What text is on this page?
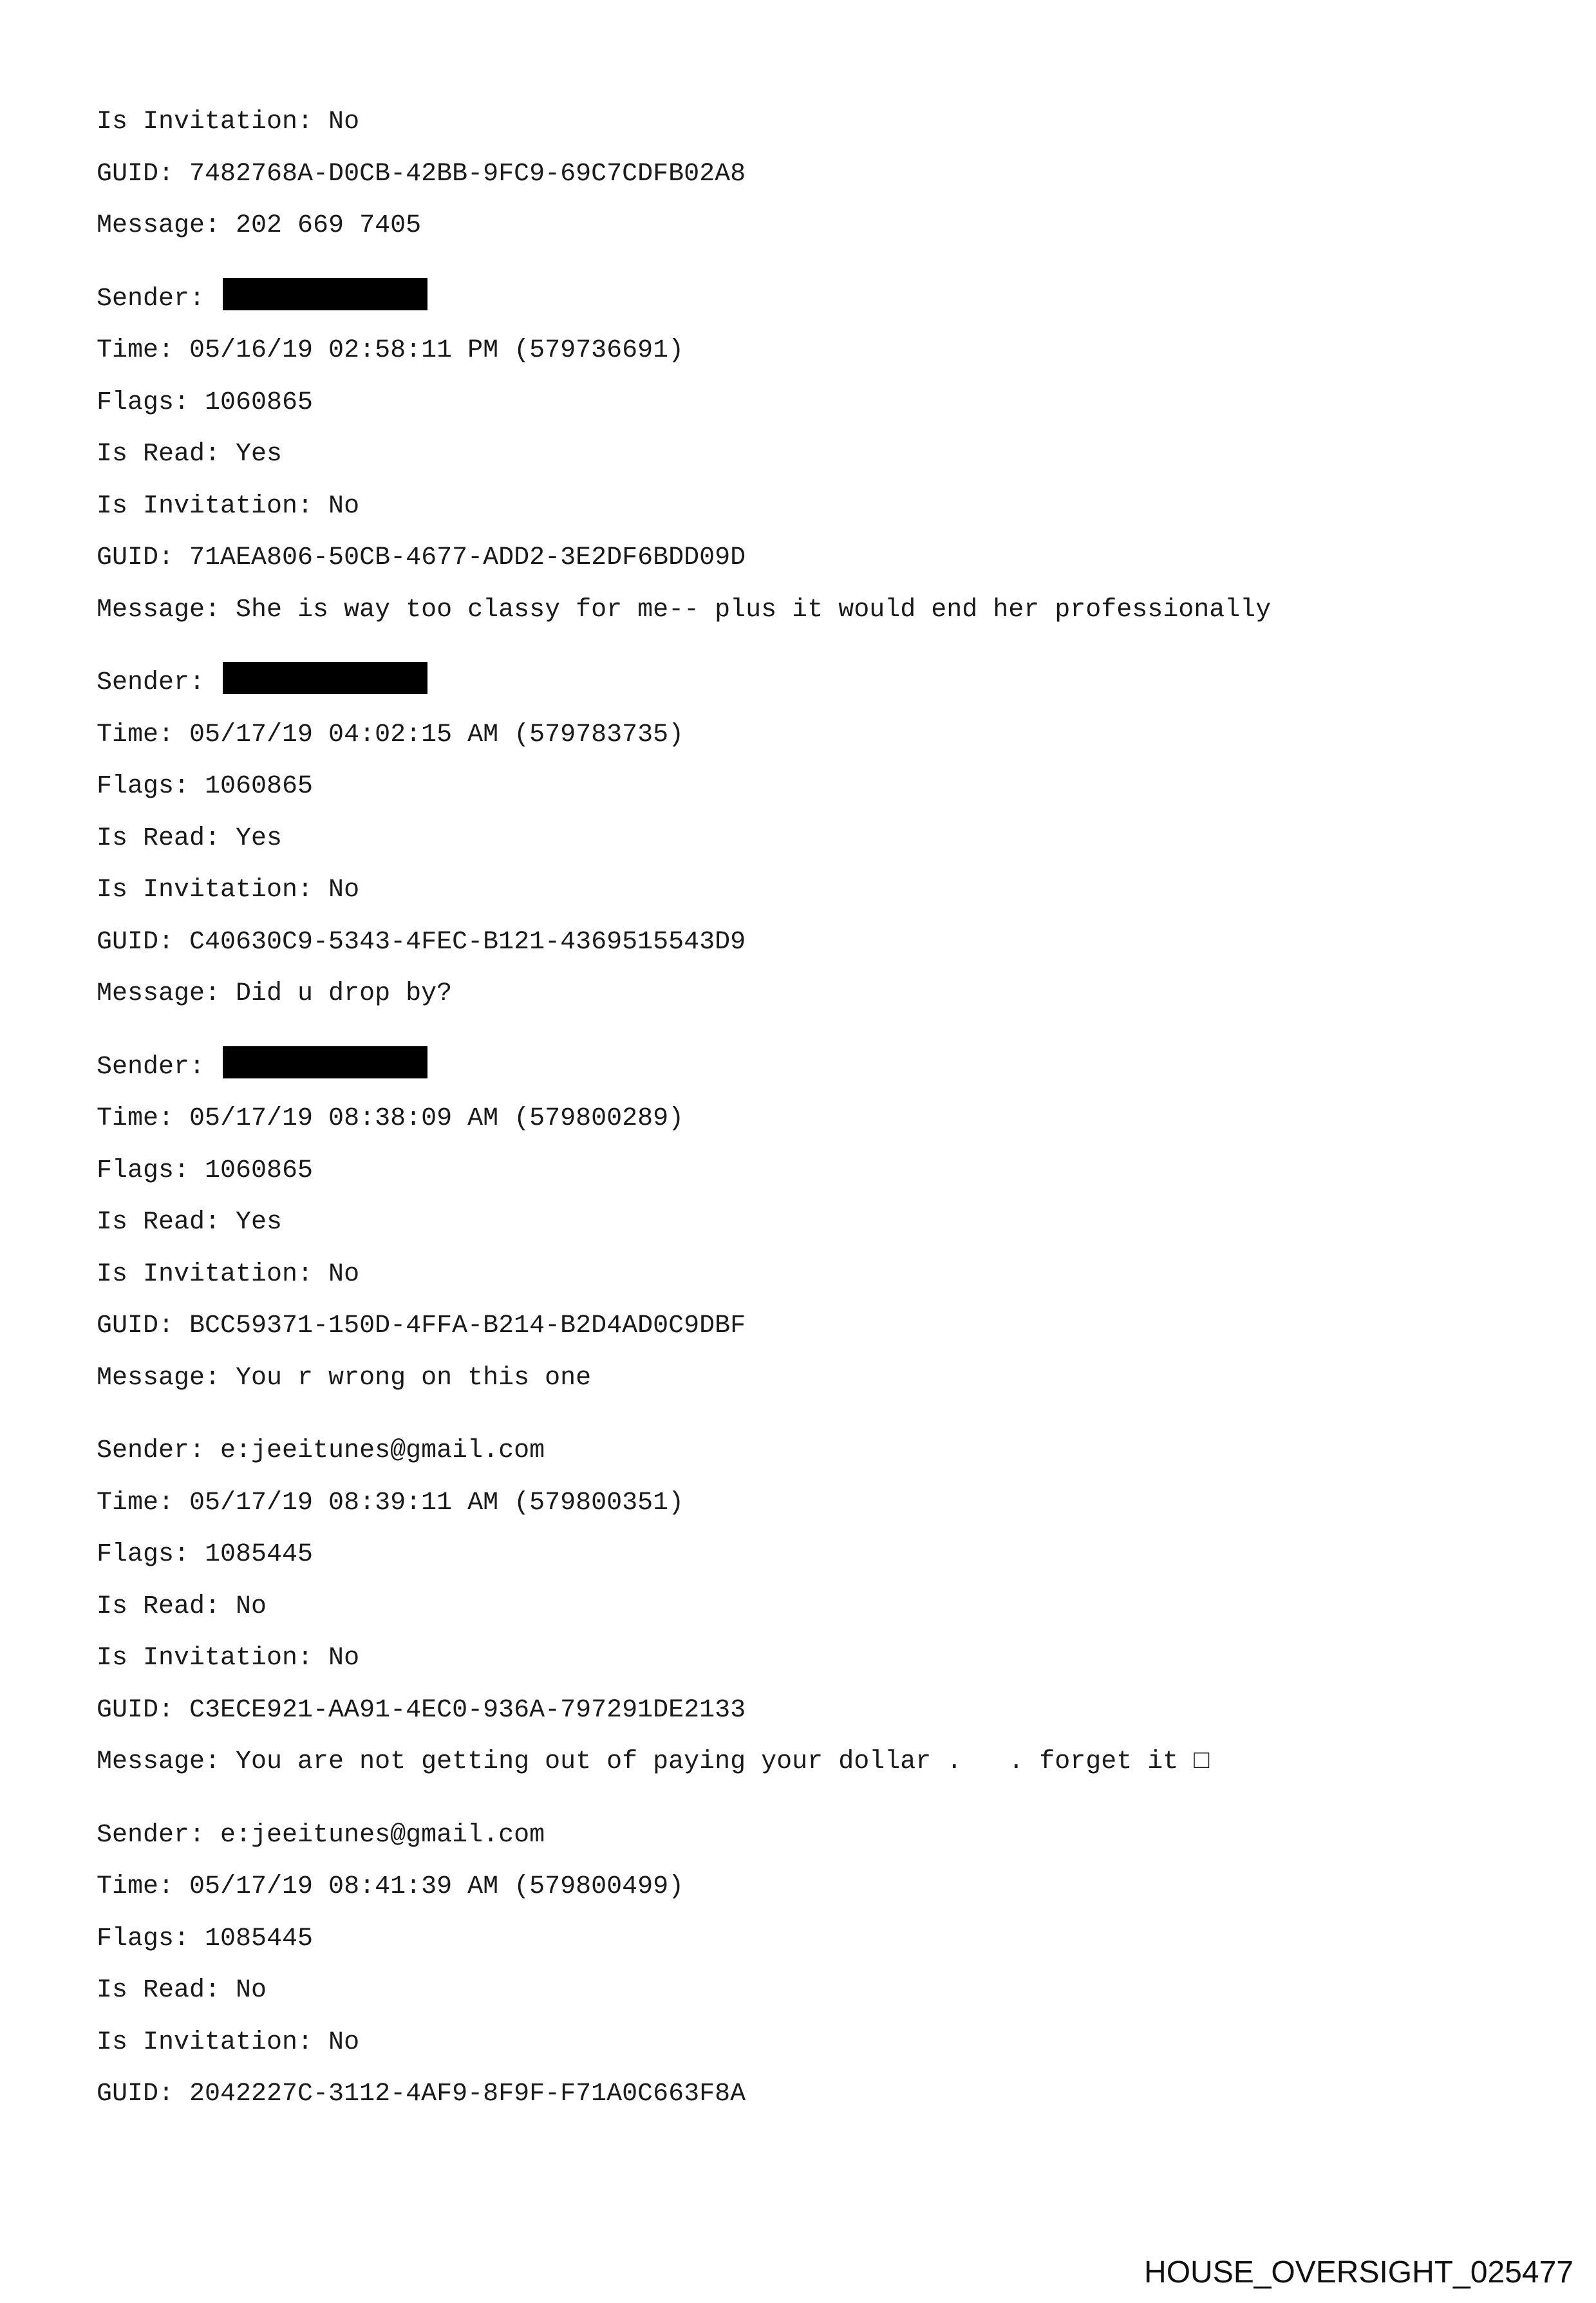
Is Invitation: No
GUID: 7482768A-D0CB-42BB-9FC9-69C7CDFB02A8
Message: 202 669 7405
Sender:
Time: 05/16/19 02:58:11 PM (579736691)
Flags: 1060865
Is Read: Yes
Is Invitation: No
GUID: 71AEA806-50CB-4677-ADD2-3E2DF6BDD09D
Message: She is way too classy for me-- plus it would end her professionally
Sender:
Time: 05/17/19 04:02:15 AM (579783735)
Flags: 1060865
Is Read: Yes
Is Invitation: No
GUID: C40630C9-5343-4FEC-B121-4369515543D9
Message: Did u drop by?
Sender:
Time: 05/17/19 08:38:09 AM (579800289)
Flags: 1060865
Is Read: Yes
Is Invitation: No
GUID: BCC59371-150D-4FFA-B214-B2D4AD0C9DBF
Message: You r wrong on this one
Sender: e:jeeitunes@gmail.com
Time: 05/17/19 08:39:11 AM (579800351)
Flags: 1085445
Is Read: No
Is Invitation: No
GUID: C3ECE921-AA91-4EC0-936A-797291DE2133
Message: You are not getting out of paying your dollar .   . forget it □
Sender: e:jeeitunes@gmail.com
Time: 05/17/19 08:41:39 AM (579800499)
Flags: 1085445
Is Read: No
Is Invitation: No
GUID: 2042227C-3112-4AF9-8F9F-F71A0C663F8A
HOUSE_OVERSIGHT_025477
